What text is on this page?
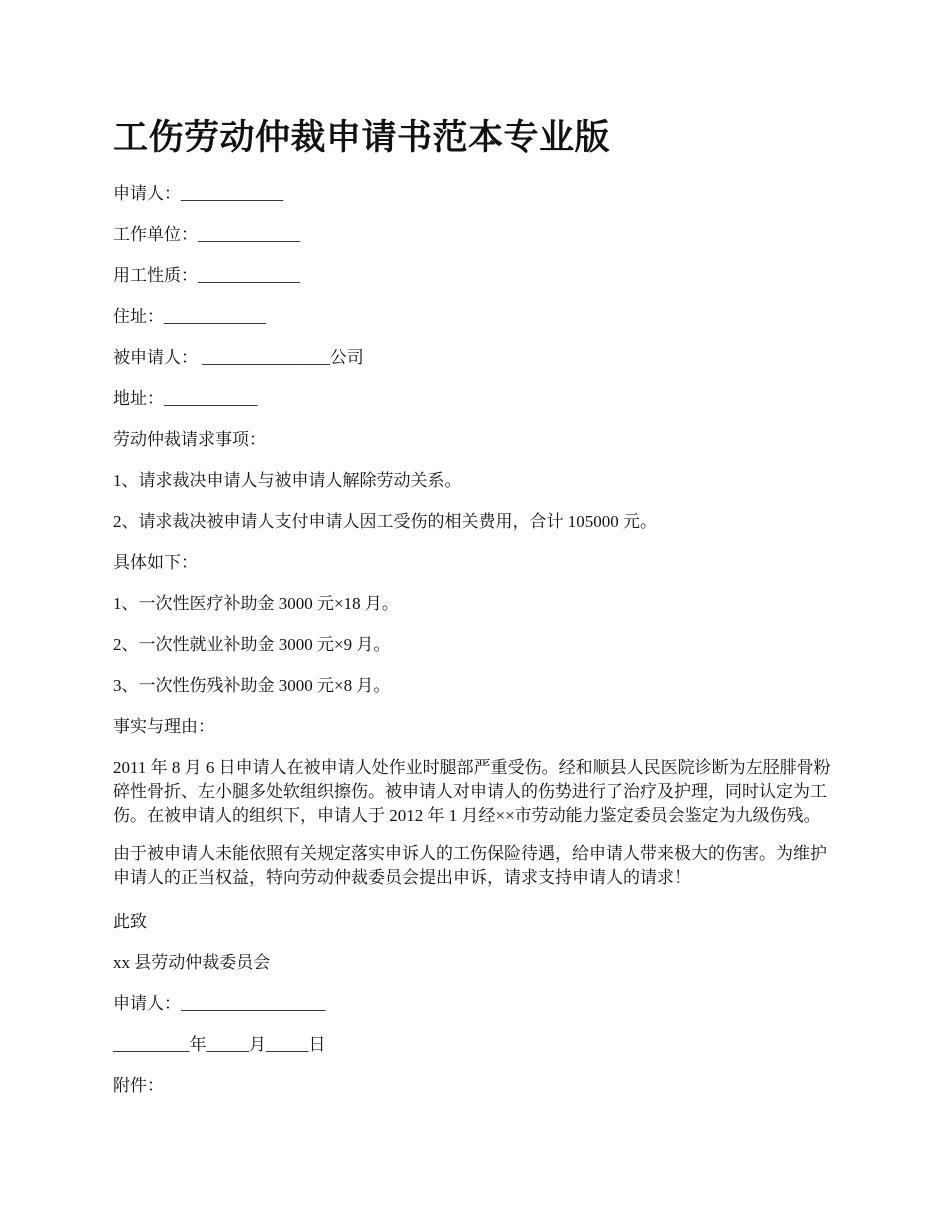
工伤劳动仲裁申请书范本专业版
申请人：____________
工作单位：____________
用工性质：____________
住址：____________
被申请人： _______________公司
地址：___________
劳动仲裁请求事项：
1、请求裁决申请人与被申请人解除劳动关系。
2、请求裁决被申请人支付申请人因工受伤的相关费用，合计 105000 元。
具体如下：
1、一次性医疗补助金 3000 元×18 月。
2、一次性就业补助金 3000 元×9 月。
3、一次性伤残补助金 3000 元×8 月。
事实与理由：

2011 年 8 月 6 日申请人在被申请人处作业时腿部严重受伤。经和顺县人民医院诊断为左胫腓骨粉碎性骨折、左小腿多处软组织擦伤。被申请人对申请人的伤势进行了治疗及护理，同时认定为工伤。在被申请人的组织下，申请人于 2012 年 1 月经××市劳动能力鉴定委员会鉴定为九级伤残。

由于被申请人未能依照有关规定落实申诉人的工伤保险待遇，给申请人带来极大的伤害。为维护申请人的正当权益，特向劳动仲裁委员会提出申诉，请求支持申请人的请求！

此致
xx 县劳动仲裁委员会
申请人：_________________
_________年_____月_____日
附件：
